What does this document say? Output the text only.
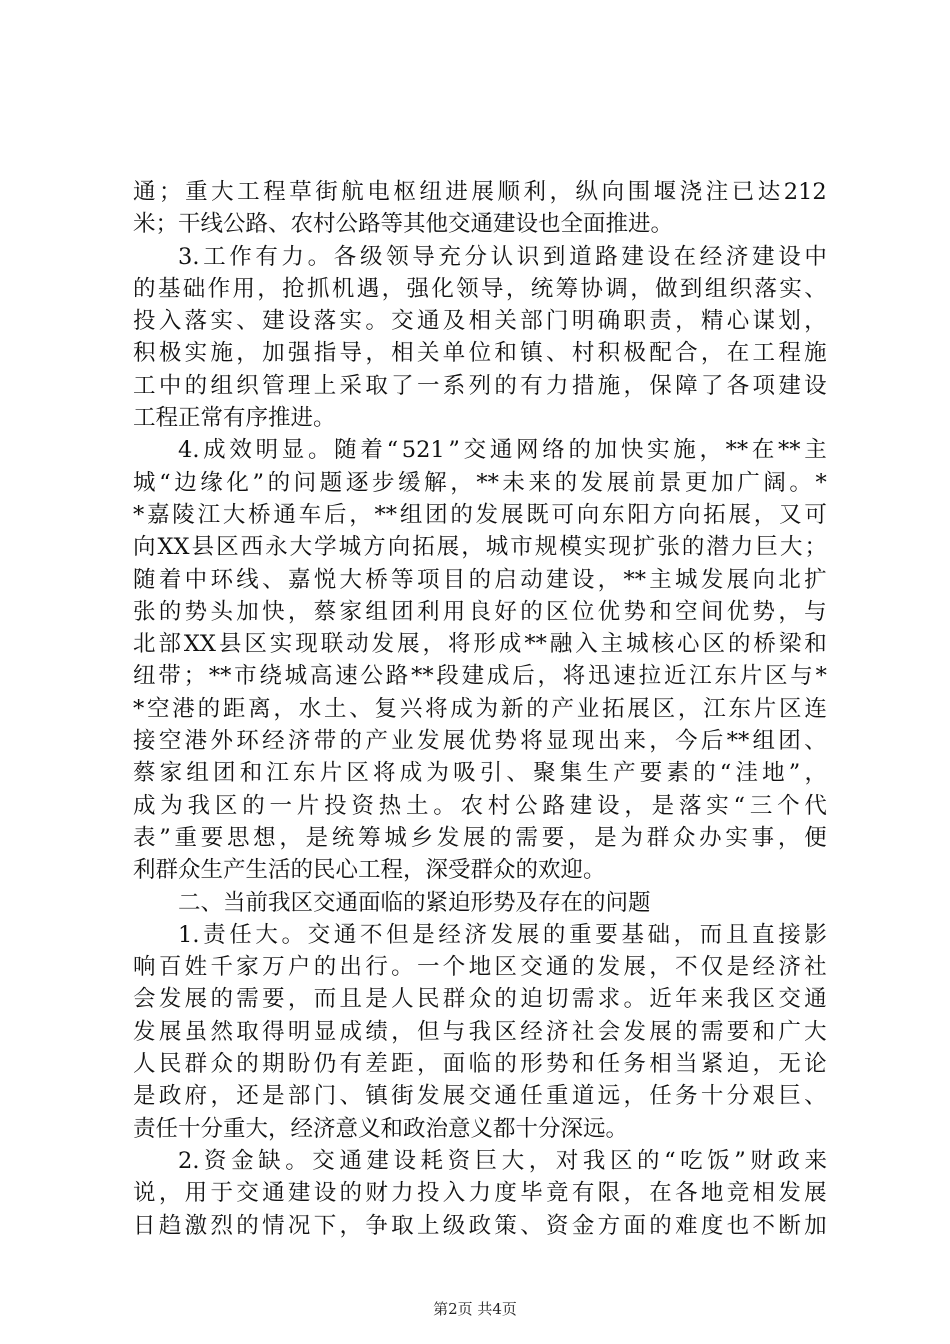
通 ； 重 大 工 程 草 街 航 电 枢 纽 进 展 顺 利 ， 纵 向 围 堰 浇 注 已 达 212
米；干线公路、农村公路等其他交通建设也全面推进。
3. 工 作 有 力 。 各 级 领 导 充 分 认 识 到 道 路 建 设 在 经 济 建 设 中
的 基 础 作 用 ， 抢 抓 机 遇 ， 强 化 领 导 ， 统 筹 协 调 ， 做 到 组 织 落 实 、
投 入 落 实 、 建 设 落 实 。 交 通 及 相 关 部 门 明 确 职 责 ， 精 心 谋 划 ，
积 极 实 施 ， 加 强 指 导 ， 相 关 单 位 和 镇 、 村 积 极 配 合 ， 在 工 程 施
工 中 的 组 织 管 理 上 采 取 了 一 系 列 的 有 力 措 施 ， 保 障 了 各 项 建 设
工程正常有序推进。
4. 成 效 明 显 。 随 着 “ 521 ” 交 通 网 络 的 加 快 实 施 ， ** 在 ** 主
城 “ 边 缘 化 ” 的 问 题 逐 步 缓 解 ， ** 未 来 的 发 展 前 景 更 加 广 阔 。 *
* 嘉 陵 江 大 桥 通 车 后 ， ** 组 团 的 发 展 既 可 向 东 阳 方 向 拓 展 ， 又 可
向 XX 县 区 西 永 大 学 城 方 向 拓 展 ， 城 市 规 模 实 现 扩 张 的 潜 力 巨 大 ；
随 着 中 环 线 、 嘉 悦 大 桥 等 项 目 的 启 动 建 设 ， ** 主 城 发 展 向 北 扩
张 的 势 头 加 快 ， 蔡 家 组 团 利 用 良 好 的 区 位 优 势 和 空 间 优 势 ， 与
北 部 XX 县 区 实 现 联 动 发 展 ， 将 形 成 ** 融 入 主 城 核 心 区 的 桥 梁 和
纽 带 ； ** 市 绕 城 高 速 公 路 ** 段 建 成 后 ， 将 迅 速 拉 近 江 东 片 区 与 *
* 空 港 的 距 离 ， 水 土 、 复 兴 将 成 为 新 的 产 业 拓 展 区 ， 江 东 片 区 连
接 空 港 外 环 经 济 带 的 产 业 发 展 优 势 将 显 现 出 来 ， 今 后 ** 组 团 、
蔡 家 组 团 和 江 东 片 区 将 成 为 吸 引 、 聚 集 生 产 要 素 的 “ 洼 地 ” ，
成 为 我 区 的 一 片 投 资 热 土 。 农 村 公 路 建 设 ， 是 落 实 “ 三 个 代
表 ” 重 要 思 想 ， 是 统 筹 城 乡 发 展 的 需 要 ， 是 为 群 众 办 实 事 ， 便
利群众生产生活的民心工程，深受群众的欢迎。
二、当前我区交通面临的紧迫形势及存在的问题
1. 责 任 大 。 交 通 不 但 是 经 济 发 展 的 重 要 基 础 ， 而 且 直 接 影
响 百 姓 千 家 万 户 的 出 行 。 一 个 地 区 交 通 的 发 展 ， 不 仅 是 经 济 社
会 发 展 的 需 要 ， 而 且 是 人 民 群 众 的 迫 切 需 求 。 近 年 来 我 区 交 通
发 展 虽 然 取 得 明 显 成 绩 ， 但 与 我 区 经 济 社 会 发 展 的 需 要 和 广 大
人 民 群 众 的 期 盼 仍 有 差 距 ， 面 临 的 形 势 和 任 务 相 当 紧 迫 ， 无 论
是 政 府 ， 还 是 部 门 、 镇 街 发 展 交 通 任 重 道 远 ， 任 务 十 分 艰 巨 、
责任十分重大，经济意义和政治意义都十分深远。
2. 资 金 缺 。 交 通 建 设 耗 资 巨 大 ， 对 我 区 的 “ 吃 饭 ” 财 政 来
说 ， 用 于 交 通 建 设 的 财 力 投 入 力 度 毕 竟 有 限 ， 在 各 地 竞 相 发 展
日 趋 激 烈 的 情 况 下 ， 争 取 上 级 政 策 、 资 金 方 面 的 难 度 也 不 断 加
第2页 共4页
